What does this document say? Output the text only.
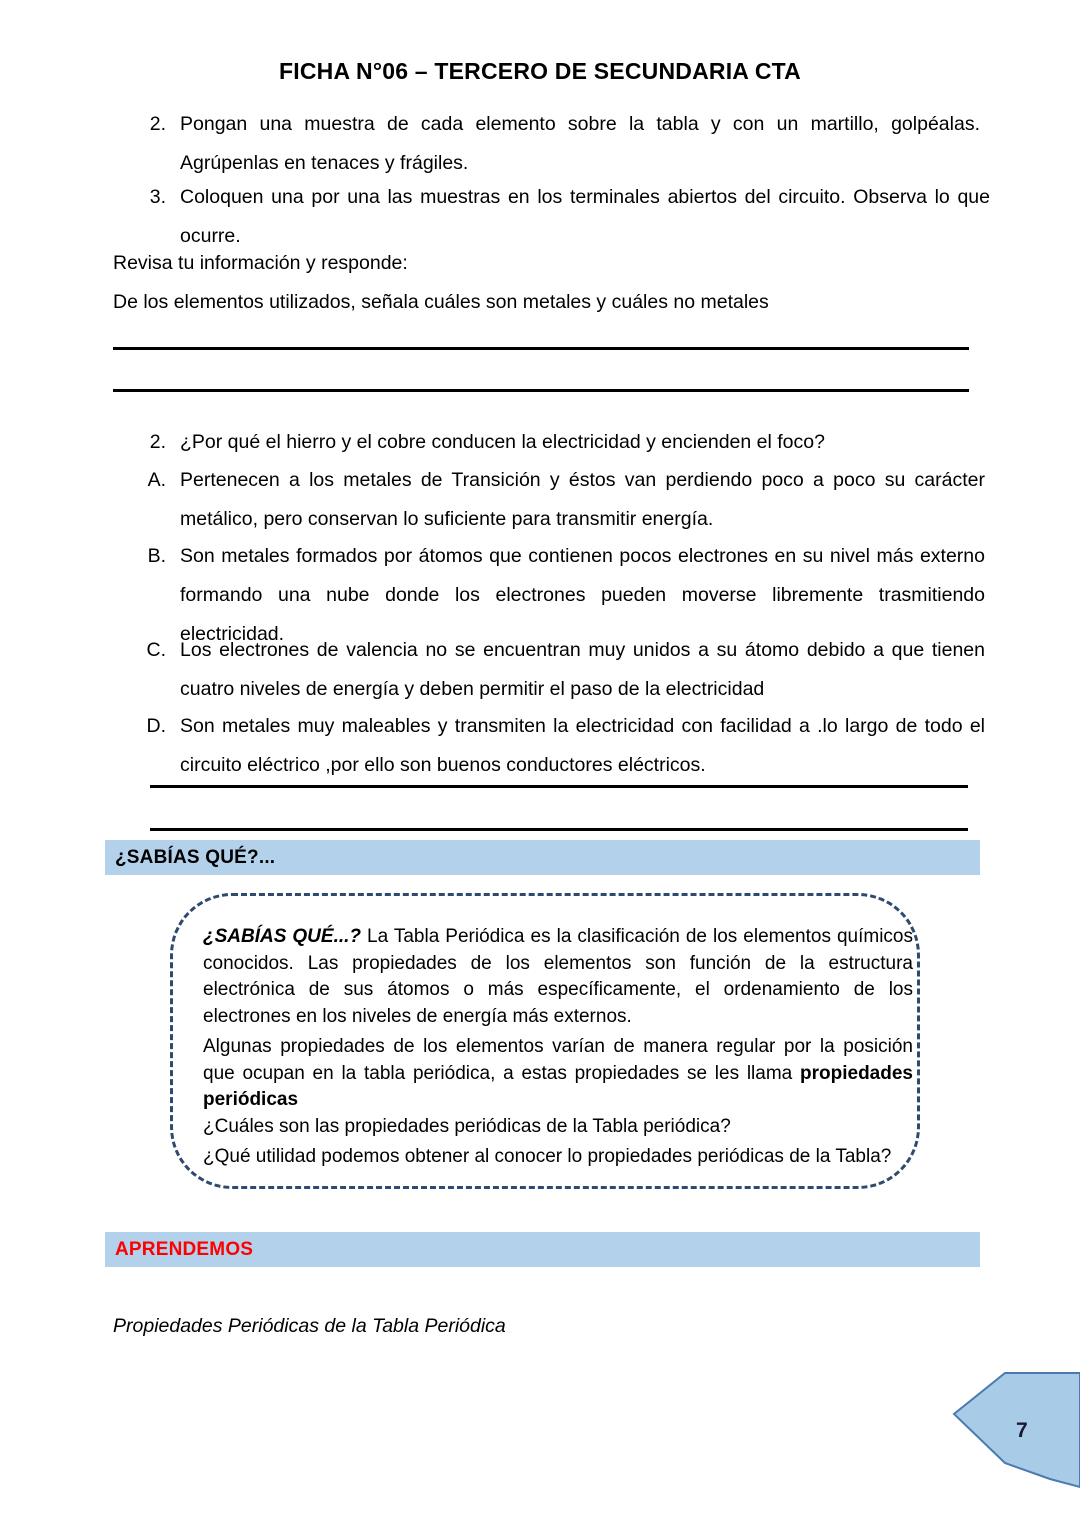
FICHA N°06 – TERCERO DE SECUNDARIA CTA
2. Pongan una muestra de cada elemento sobre la tabla y con un martillo, golpéalas. Agrúpenlas en tenaces y frágiles.
3. Coloquen una por una las muestras en los terminales abiertos del circuito. Observa lo que ocurre.
Revisa tu información y responde:
De los elementos utilizados, señala cuáles son metales y cuáles no metales
2. ¿Por qué el hierro y el cobre conducen la electricidad y encienden el foco?
A. Pertenecen a los metales de Transición y éstos van perdiendo poco a poco su carácter metálico, pero conservan lo suficiente para transmitir energía.
B. Son metales formados por átomos que contienen pocos electrones en su nivel más externo formando una nube donde los electrones pueden moverse libremente trasmitiendo electricidad.
C. Los electrones de valencia no se encuentran muy unidos a su átomo debido a que tienen cuatro niveles de energía y deben permitir el paso de la electricidad
D. Son metales muy maleables y transmiten la electricidad con facilidad a .lo largo de todo el circuito eléctrico ,por ello son buenos conductores eléctricos.
¿SABÍAS QUÉ?...

¿SABÍAS QUÉ...? La Tabla Periódica es la clasificación de los elementos químicos conocidos. Las propiedades de los elementos son función de la estructura electrónica de sus átomos o más específicamente, el ordenamiento de los electrones en los niveles de energía más externos.

Algunas propiedades de los elementos varían de manera regular por la posición que ocupan en la tabla periódica, a estas propiedades se les llama propiedades periódicas

¿Cuáles son las propiedades periódicas de la Tabla periódica?

¿Qué utilidad podemos obtener al conocer lo propiedades periódicas de la Tabla?

APRENDEMOS
Propiedades Periódicas de la Tabla Periódica
7
